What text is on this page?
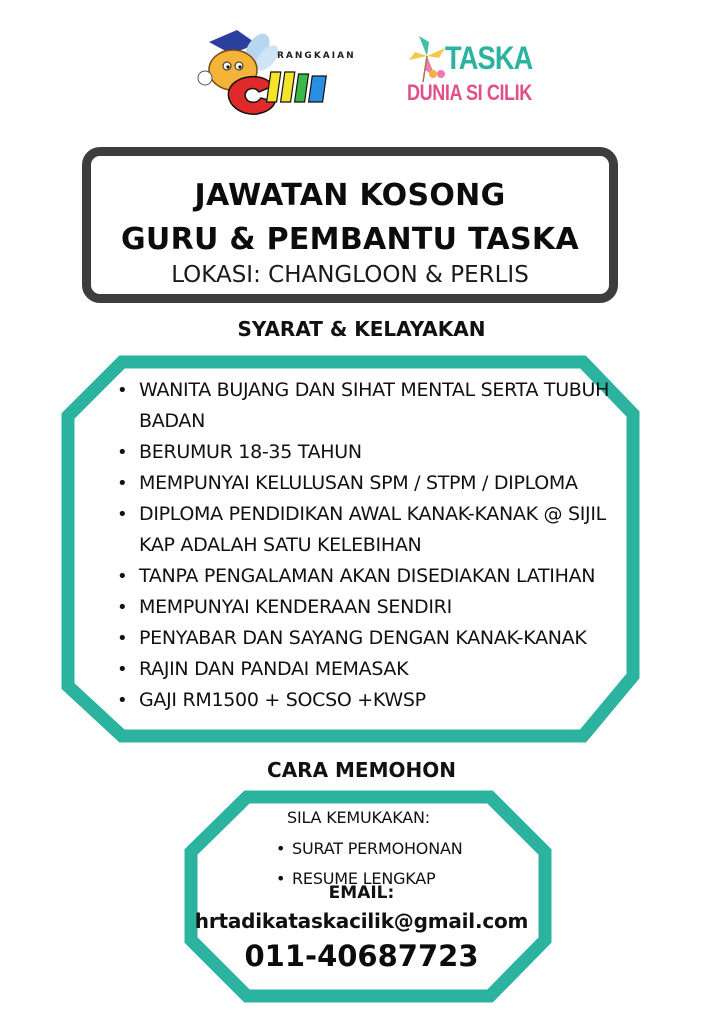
RANGKAIAN	TASKA
DUNIA SI CILIK
JAWATAN KOSONG
GURU & PEMBANTU TASKA
LOKASI: CHANGLOON & PERLIS
SYARAT & KELAYAKAN
• WANITA BUJANG DAN SIHAT MENTAL SERTA TUBUH BADAN
• BERUMUR 18-35 TAHUN
• MEMPUNYAI KELULUSAN SPM / STPM / DIPLOMA
• DIPLOMA PENDIDIKAN AWAL KANAK-KANAK @ SIJIL KAP ADALAH SATU KELEBIHAN
• TANPA PENGALAMAN AKAN DISEDIAKAN LATIHAN
• MEMPUNYAI KENDERAAN SENDIRI
• PENYABAR DAN SAYANG DENGAN KANAK-KANAK
• RAJIN DAN PANDAI MEMASAK
• GAJI RM1500 + SOCSO +KWSP
CARA MEMOHON
SILA KEMUKAKAN:
• SURAT PERMOHONAN
• RESUME LENGKAP
EMAIL:
hrtadikataskacilik@gmail.com
011-40687723
